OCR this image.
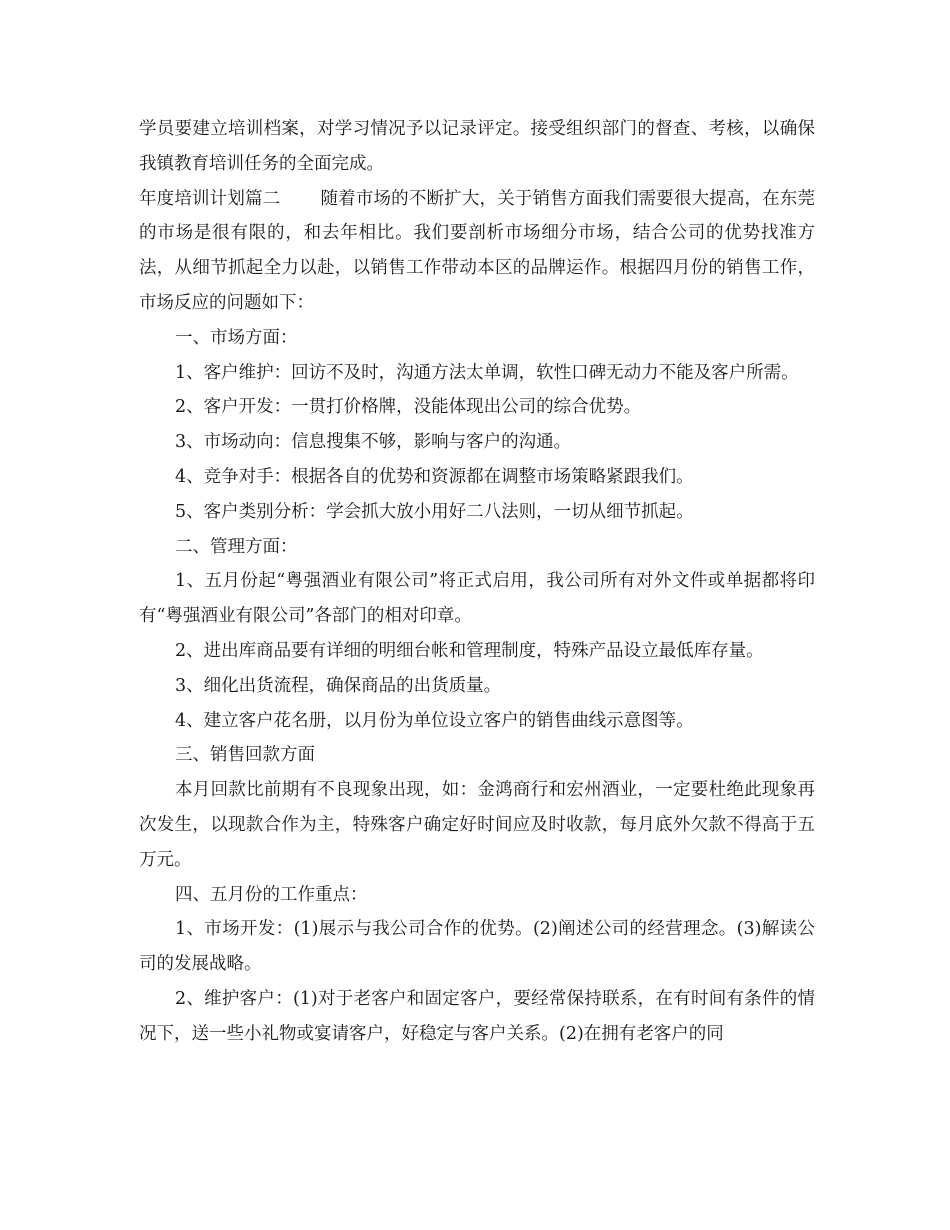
学员要建立培训档案，对学习情况予以记录评定。接受组织部门的督查、考核，以确保我镇教育培训任务的全面完成。

年度培训计划篇二 随着市场的不断扩大，关于销售方面我们需要很大提高，在东莞的市场是很有限的，和去年相比。我们要剖析市场细分市场，结合公司的优势找准方法，从细节抓起全力以赴，以销售工作带动本区的品牌运作。根据四月份的销售工作，市场反应的问题如下：

一、市场方面：

1、客户维护：回访不及时，沟通方法太单调，软性口碑无动力不能及客户所需。

2、客户开发：一贯打价格牌，没能体现出公司的综合优势。

3、市场动向：信息搜集不够，影响与客户的沟通。

4、竞争对手：根据各自的优势和资源都在调整市场策略紧跟我们。

5、客户类别分析：学会抓大放小用好二八法则，一切从细节抓起。

二、管理方面：

1、五月份起“粤强酒业有限公司”将正式启用，我公司所有对外文件或单据都将印有“粤强酒业有限公司”各部门的相对印章。

2、进出库商品要有详细的明细台帐和管理制度，特殊产品设立最低库存量。

3、细化出货流程，确保商品的出货质量。

4、建立客户花名册，以月份为单位设立客户的销售曲线示意图等。

三、销售回款方面

本月回款比前期有不良现象出现，如：金鸿商行和宏州酒业，一定要杜绝此现象再次发生，以现款合作为主，特殊客户确定好时间应及时收款，每月底外欠款不得高于五万元。

四、五月份的工作重点：

1、市场开发：(1)展示与我公司合作的优势。(2)阐述公司的经营理念。(3)解读公司的发展战略。

2、维护客户：(1)对于老客户和固定客户，要经常保持联系，在有时间有条件的情况下，送一些小礼物或宴请客户，好稳定与客户关系。(2)在拥有老客户的同
